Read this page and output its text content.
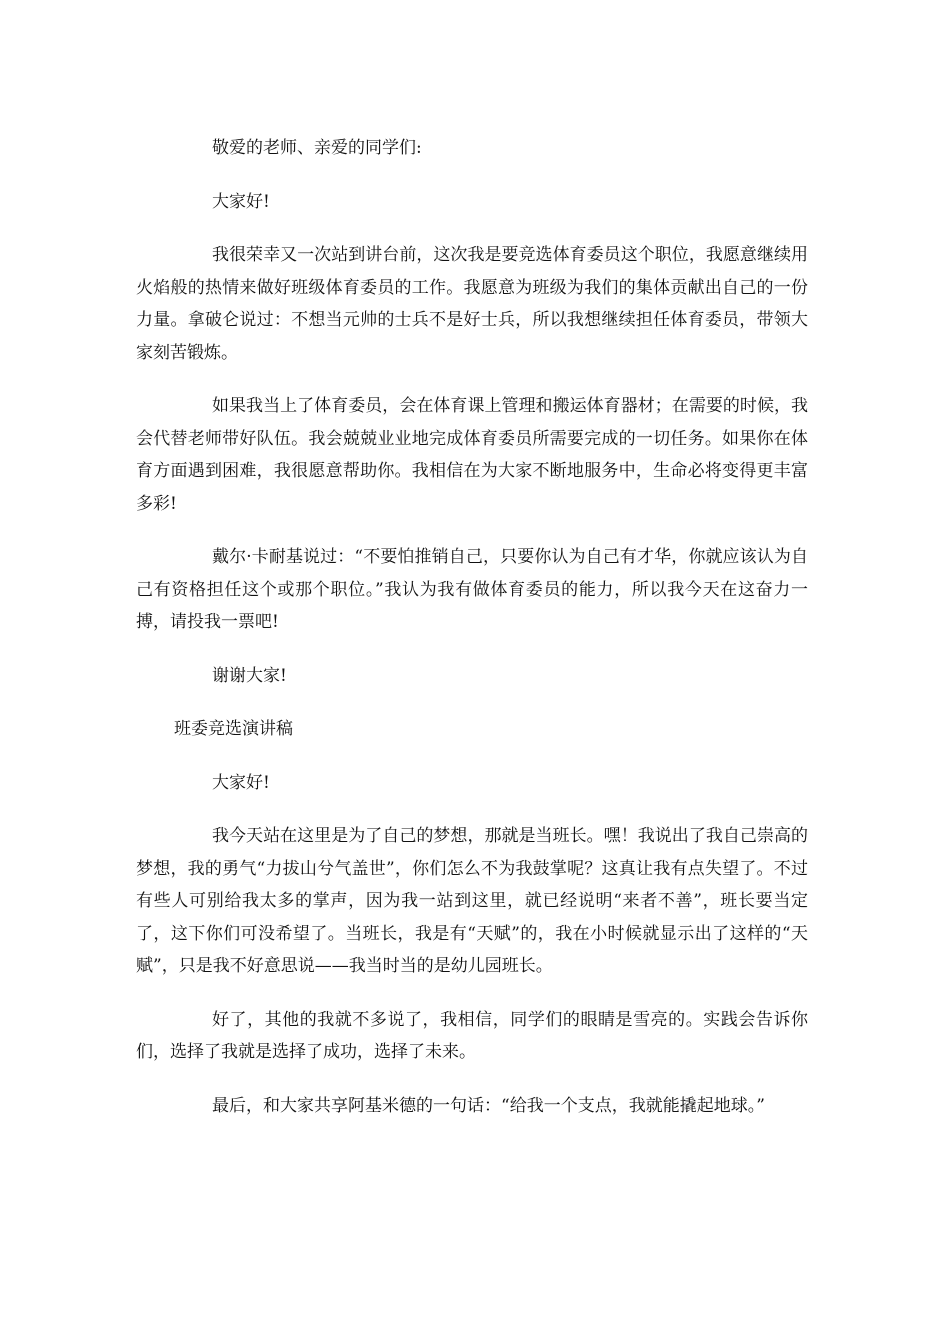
敬爱的老师、亲爱的同学们:

大家好!

我很荣幸又一次站到讲台前，这次我是要竞选体育委员这个职位，我愿意继续用火焰般的热情来做好班级体育委员的工作。我愿意为班级为我们的集体贡献出自己的一份力量。拿破仑说过：不想当元帅的士兵不是好士兵，所以我想继续担任体育委员，带领大家刻苦锻炼。

如果我当上了体育委员，会在体育课上管理和搬运体育器材；在需要的时候，我会代替老师带好队伍。我会兢兢业业地完成体育委员所需要完成的一切任务。如果你在体育方面遇到困难，我很愿意帮助你。我相信在为大家不断地服务中，生命必将变得更丰富多彩!

戴尔·卡耐基说过：“不要怕推销自己，只要你认为自己有才华，你就应该认为自己有资格担任这个或那个职位。”我认为我有做体育委员的能力，所以我今天在这奋力一搏，请投我一票吧!

谢谢大家!

班委竞选演讲稿

大家好!

我今天站在这里是为了自己的梦想，那就是当班长。嘿！我说出了我自己崇高的梦想，我的勇气“力拔山兮气盖世”，你们怎么不为我鼓掌呢？这真让我有点失望了。不过有些人可别给我太多的掌声，因为我一站到这里，就已经说明“来者不善”，班长要当定了，这下你们可没希望了。当班长，我是有“天赋”的，我在小时候就显示出了这样的“天赋”，只是我不好意思说——我当时当的是幼儿园班长。

好了，其他的我就不多说了，我相信，同学们的眼睛是雪亮的。实践会告诉你们，选择了我就是选择了成功，选择了未来。

最后，和大家共享阿基米德的一句话：“给我一个支点，我就能撬起地球。”
